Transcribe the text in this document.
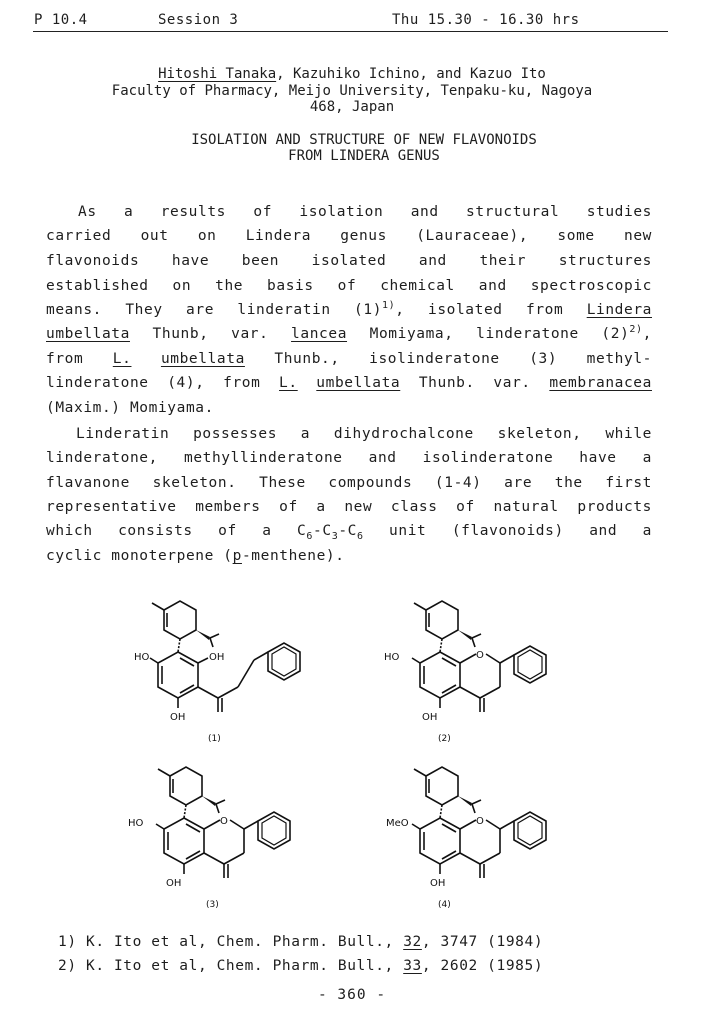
P 10.4	Session 3	Thu 15.30 - 16.30 hrs
Hitoshi Tanaka, Kazuhiko Ichino, and Kazuo Ito
Faculty of Pharmacy, Meijo University, Tenpaku-ku, Nagoya
468, Japan
ISOLATION AND STRUCTURE OF NEW FLAVONOIDS
FROM LINDERA GENUS
As a results of isolation and structural studies
carried out on Lindera genus (Lauraceae), some new
flavonoids have been isolated and their structures
established on the basis of chemical and spectroscopic
means. They are linderatin $(1)^{1)}$, isolated from Lindera
umbellata Thunb, var. lancea Momiyama, linderatone $(2)^{2)}$,
from L. umbellata Thunb., isolinderatone (3) methyl-
linderatone (4), from L. umbellata Thunb. var. membranacea
(Maxim.) Momiyama.
Linderatin possesses a dihydrochalcone skeleton, while
linderatone, methyllinderatone and isolinderatone have a
flavanone skeleton. These compounds (1-4) are the first
representative members of a new class of natural products
which consists of a $C_6-C_3-C_6$ unit (flavonoids) and a
cyclic monoterpene (p-menthene).
HO	OH
OH
(1)
HO	O
OH
(2)
HO	O
OH
(3)
MeO	O
OH
(4)
1) K. Ito et al, Chem. Pharm. Bull., 32, 3747 (1984)
2) K. Ito et al, Chem. Pharm. Bull., 33, 2602 (1985)
- 360 -
